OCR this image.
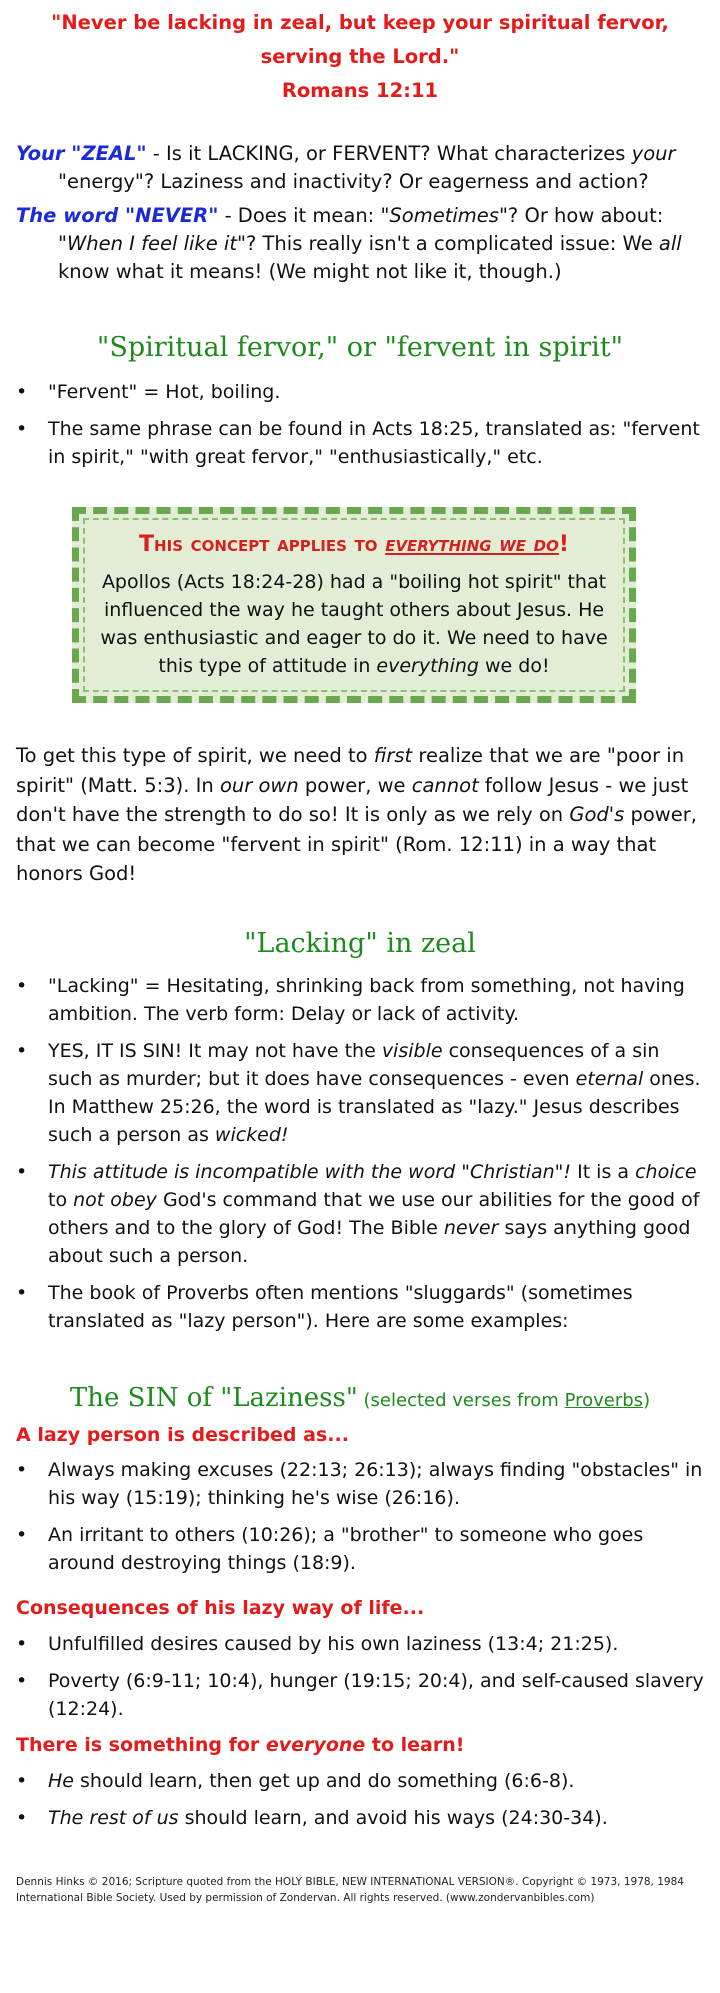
"Never be lacking in zeal, but keep your spiritual fervor,
serving the Lord."
Romans 12:11
Your "ZEAL" - Is it LACKING, or FERVENT? What characterizes your
"energy"? Laziness and inactivity? Or eagerness and action?
The word "NEVER" - Does it mean: "Sometimes"? Or how about:
"When I feel like it"? This really isn't a complicated issue: We all
know what it means! (We might not like it, though.)
"Spiritual fervor," or "fervent in spirit"
• "Fervent" = Hot, boiling.
• The same phrase can be found in Acts 18:25, translated as: "fervent in spirit," "with great fervor," "enthusiastically," etc.
This concept applies to everything we do!
Apollos (Acts 18:24-28) had a "boiling hot spirit" that influenced the way he taught others about Jesus. He was enthusiastic and eager to do it. We need to have this type of attitude in everything we do!
To get this type of spirit, we need to first realize that we are "poor in spirit" (Matt. 5:3). In our own power, we cannot follow Jesus - we just don't have the strength to do so! It is only as we rely on God's power, that we can become "fervent in spirit" (Rom. 12:11) in a way that honors God!
"Lacking" in zeal
• "Lacking" = Hesitating, shrinking back from something, not having ambition. The verb form: Delay or lack of activity.
• YES, IT IS SIN! It may not have the visible consequences of a sin such as murder; but it does have consequences - even eternal ones. In Matthew 25:26, the word is translated as "lazy." Jesus describes such a person as wicked!
• This attitude is incompatible with the word "Christian"! It is a choice to not obey God's command that we use our abilities for the good of others and to the glory of God! The Bible never says anything good about such a person.
• The book of Proverbs often mentions "sluggards" (sometimes translated as "lazy person"). Here are some examples:
The SIN of "Laziness" (selected verses from Proverbs)
A lazy person is described as...
• Always making excuses (22:13; 26:13); always finding "obstacles" in his way (15:19); thinking he's wise (26:16).
• An irritant to others (10:26); a "brother" to someone who goes around destroying things (18:9).
Consequences of his lazy way of life...
• Unfulfilled desires caused by his own laziness (13:4; 21:25).
• Poverty (6:9-11; 10:4), hunger (19:15; 20:4), and self-caused slavery (12:24).
There is something for everyone to learn!
• He should learn, then get up and do something (6:6-8).
• The rest of us should learn, and avoid his ways (24:30-34).
Dennis Hinks © 2016; Scripture quoted from the HOLY BIBLE, NEW INTERNATIONAL VERSION®. Copyright © 1973, 1978, 1984
International Bible Society. Used by permission of Zondervan. All rights reserved. (www.zondervanbibles.com)
